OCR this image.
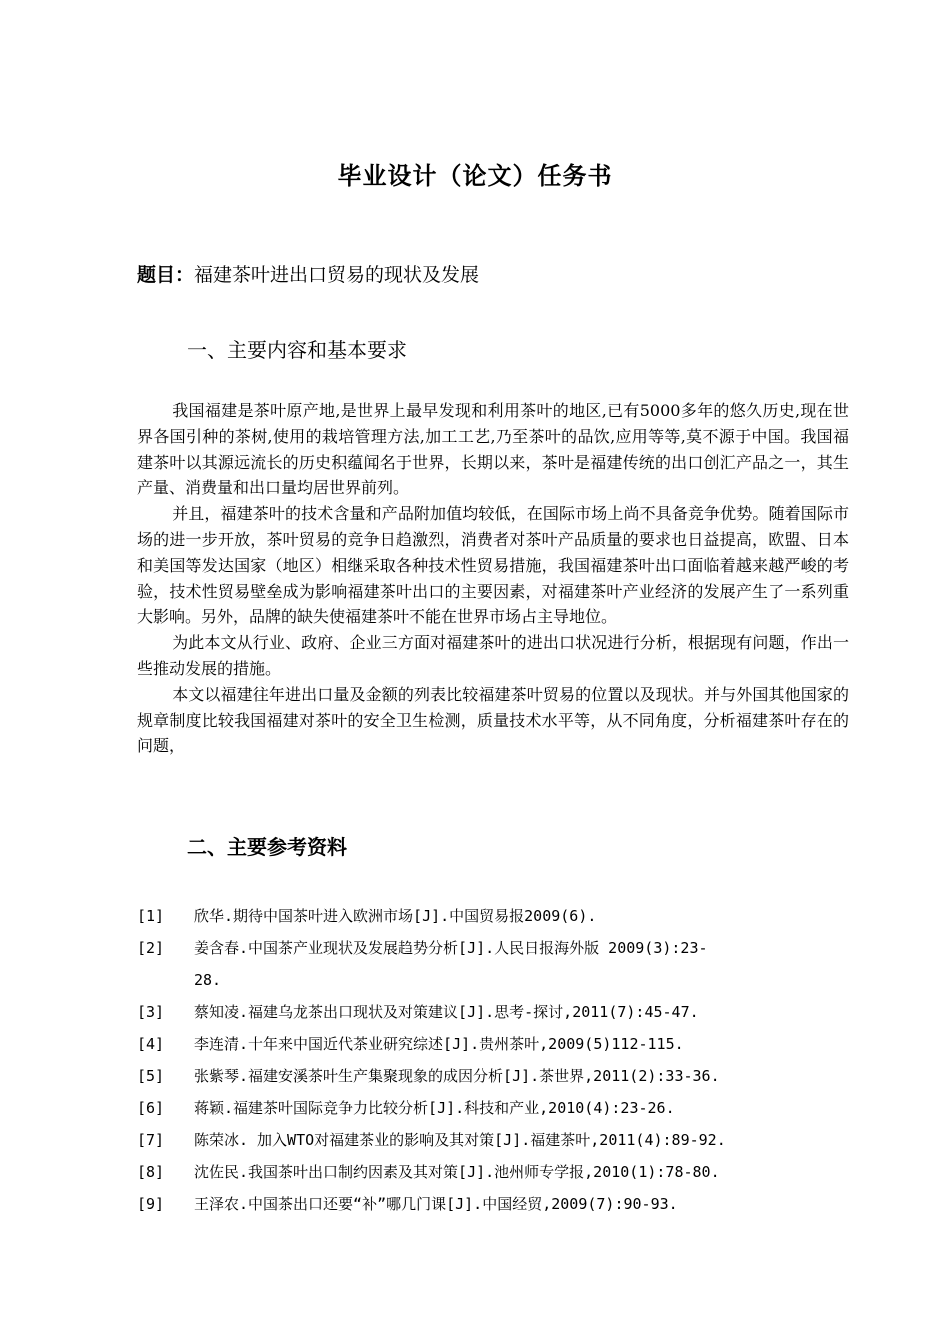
毕业设计（论文）任务书
题目：福建茶叶进出口贸易的现状及发展
一、主要内容和基本要求

我国福建是茶叶原产地,是世界上最早发现和利用茶叶的地区,已有5000多年的悠久历史,现在世界各国引种的茶树,使用的栽培管理方法,加工工艺,乃至茶叶的品饮,应用等等,莫不源于中国。我国福建茶叶以其源远流长的历史积蕴闻名于世界，长期以来，茶叶是福建传统的出口创汇产品之一，其生产量、消费量和出口量均居世界前列。

并且，福建茶叶的技术含量和产品附加值均较低，在国际市场上尚不具备竞争优势。随着国际市场的进一步开放，茶叶贸易的竞争日趋激烈，消费者对茶叶产品质量的要求也日益提高，欧盟、日本和美国等发达国家（地区）相继采取各种技术性贸易措施，我国福建茶叶出口面临着越来越严峻的考验，技术性贸易壁垒成为影响福建茶叶出口的主要因素，对福建茶叶产业经济的发展产生了一系列重大影响。另外，品牌的缺失使福建茶叶不能在世界市场占主导地位。

为此本文从行业、政府、企业三方面对福建茶叶的进出口状况进行分析，根据现有问题，作出一些推动发展的措施。

本文以福建往年进出口量及金额的列表比较福建茶叶贸易的位置以及现状。并与外国其他国家的规章制度比较我国福建对茶叶的安全卫生检测，质量技术水平等，从不同角度，分析福建茶叶存在的问题，

二、主要参考资料
[1] 欣华.期待中国茶叶进入欧洲市场[J].中国贸易报2009(6).
[2] 姜含春.中国茶产业现状及发展趋势分析[J].人民日报海外版 2009(3):23-
28.
[3] 蔡知凌.福建乌龙茶出口现状及对策建议[J].思考-探讨,2011(7):45-47.
[4] 李连清.十年来中国近代茶业研究综述[J].贵州茶叶,2009(5)112-115.
[5] 张紫琴.福建安溪茶叶生产集聚现象的成因分析[J].茶世界,2011(2):33-36.
[6] 蒋颖.福建茶叶国际竞争力比较分析[J].科技和产业,2010(4):23-26.
[7] 陈荣冰. 加入WTO对福建茶业的影响及其对策[J].福建茶叶,2011(4):89-92.
[8] 沈佐民.我国茶叶出口制约因素及其对策[J].池州师专学报,2010(1):78-80.
[9] 王泽农.中国茶出口还要“补”哪几门课[J].中国经贸,2009(7):90-93.
